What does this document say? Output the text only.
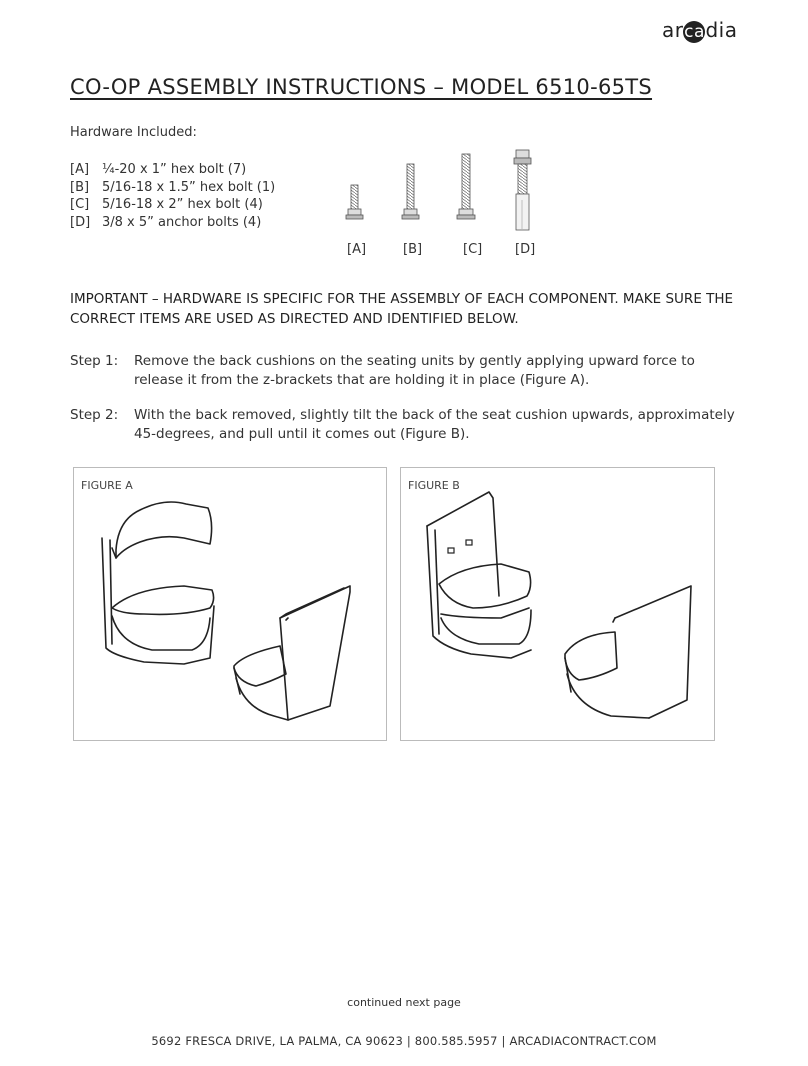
arcadia
CO-OP ASSEMBLY INSTRUCTIONS – MODEL 6510-65TS
Hardware Included:
[A] ¼-20 x 1” hex bolt (7)
[B] 5/16-18 x 1.5” hex bolt (1)
[C] 5/16-18 x 2” hex bolt (4)
[D] 3/8 x 5” anchor bolts (4)
[A]	[B]	[C]	[D]
IMPORTANT – HARDWARE IS SPECIFIC FOR THE ASSEMBLY OF EACH COMPONENT. MAKE SURE THE CORRECT ITEMS ARE USED AS DIRECTED AND IDENTIFIED BELOW.
Step 1:	Remove the back cushions on the seating units by gently applying upward force to release it from the z-brackets that are holding it in place (Figure A).
Step 2:	With the back removed, slightly tilt the back of the seat cushion upwards, approximately 45-degrees, and pull until it comes out (Figure B).
FIGURE A	FIGURE B
continued next page
5692 FRESCA DRIVE, LA PALMA, CA 90623 | 800.585.5957 | ARCADIACONTRACT.COM
